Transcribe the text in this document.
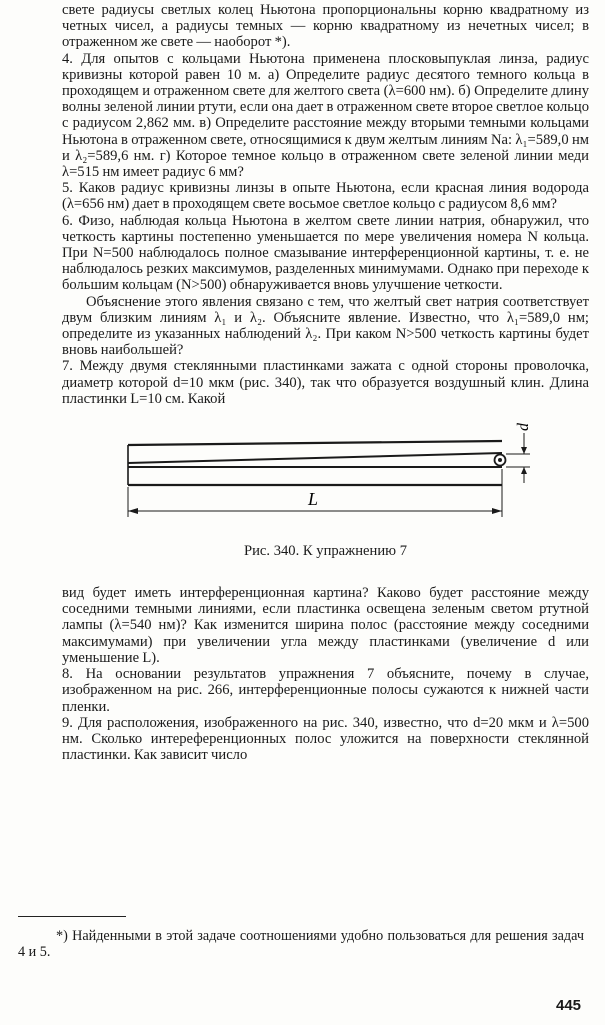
свете радиусы светлых колец Ньютона пропорциональны корню квадратному из четных чисел, а радиусы темных — корню квадратному из нечетных чисел; в отраженном же свете — наоборот *).

4. Для опытов с кольцами Ньютона применена плосковыпуклая линза, радиус кривизны которой равен 10 м. а) Определите радиус десятого темного кольца в проходящем и отраженном свете для желтого света (λ=600 нм). б) Определите длину волны зеленой линии ртути, если она дает в отраженном свете второе светлое кольцо с радиусом 2,862 мм. в) Определите расстояние между вторыми темными кольцами Ньютона в отраженном свете, относящимися к двум желтым линиям Na: λ₁=589,0 нм и λ₂=589,6 нм. г) Которое темное кольцо в отраженном свете зеленой линии меди λ=515 нм имеет радиус 6 мм?

5. Каков радиус кривизны линзы в опыте Ньютона, если красная линия водорода (λ=656 нм) дает в проходящем свете восьмое светлое кольцо с радиусом 8,6 мм?

6. Физо, наблюдая кольца Ньютона в желтом свете линии натрия, обнаружил, что четкость картины постепенно уменьшается по мере увеличения номера N кольца. При N=500 наблюдалось полное смазывание интерференционной картины, т. е. не наблюдалось резких максимумов, разделенных минимумами. Однако при переходе к большим кольцам (N>500) обнаруживается вновь улучшение четкости.

Объяснение этого явления связано с тем, что желтый свет натрия соответствует двум близким линиям λ₁ и λ₂. Объясните явление. Известно, что λ₁=589,0 нм; определите из указанных наблюдений λ₂. При каком N>500 четкость картины будет вновь наибольшей?

7. Между двумя стеклянными пластинками зажата с одной стороны проволочка, диаметр которой d=10 мкм (рис. 340), так что образуется воздушный клин. Длина пластинки L=10 см. Какой

d
L

Рис. 340. К упражнению 7

вид будет иметь интерференционная картина? Каково будет расстояние между соседними темными линиями, если пластинка освещена зеленым светом ртутной лампы (λ=540 нм)? Как изменится ширина полос (расстояние между соседними максимумами) при увеличении угла между пластинками (увеличение d или уменьшение L).

8. На основании результатов упражнения 7 объясните, почему в случае, изображенном на рис. 266, интерференционные полосы сужаются к нижней части пленки.

9. Для расположения, изображенного на рис. 340, известно, что d=20 мкм и λ=500 нм. Сколько интереференционных полос уложится на поверхности стеклянной пластинки. Как зависит число

*) Найденными в этой задаче соотношениями удобно пользоваться для решения задач 4 и 5.

445
